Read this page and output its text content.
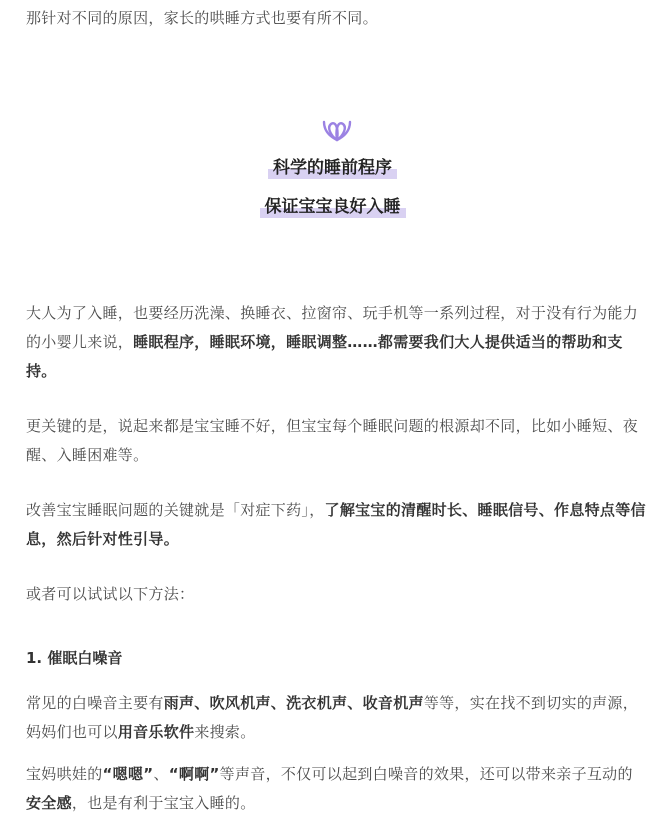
那针对不同的原因，家长的哄睡方式也要有所不同。

科学的睡前程序

保证宝宝良好入睡

大人为了入睡，也要经历洗澡、换睡衣、拉窗帘、玩手机等一系列过程，对于没有行为能力的小婴儿来说，睡眠程序，睡眠环境，睡眠调整……都需要我们大人提供适当的帮助和支持。

更关键的是，说起来都是宝宝睡不好，但宝宝每个睡眠问题的根源却不同，比如小睡短、夜醒、入睡困难等。

改善宝宝睡眠问题的关键就是「对症下药」，了解宝宝的清醒时长、睡眠信号、作息特点等信息，然后针对性引导。

或者可以试试以下方法：

1. 催眠白噪音

常见的白噪音主要有雨声、吹风机声、洗衣机声、收音机声等等，实在找不到切实的声源，妈妈们也可以用音乐软件来搜索。

宝妈哄娃的“嗯嗯”、“啊啊”等声音，不仅可以起到白噪音的效果，还可以带来亲子互动的安全感，也是有利于宝宝入睡的。
